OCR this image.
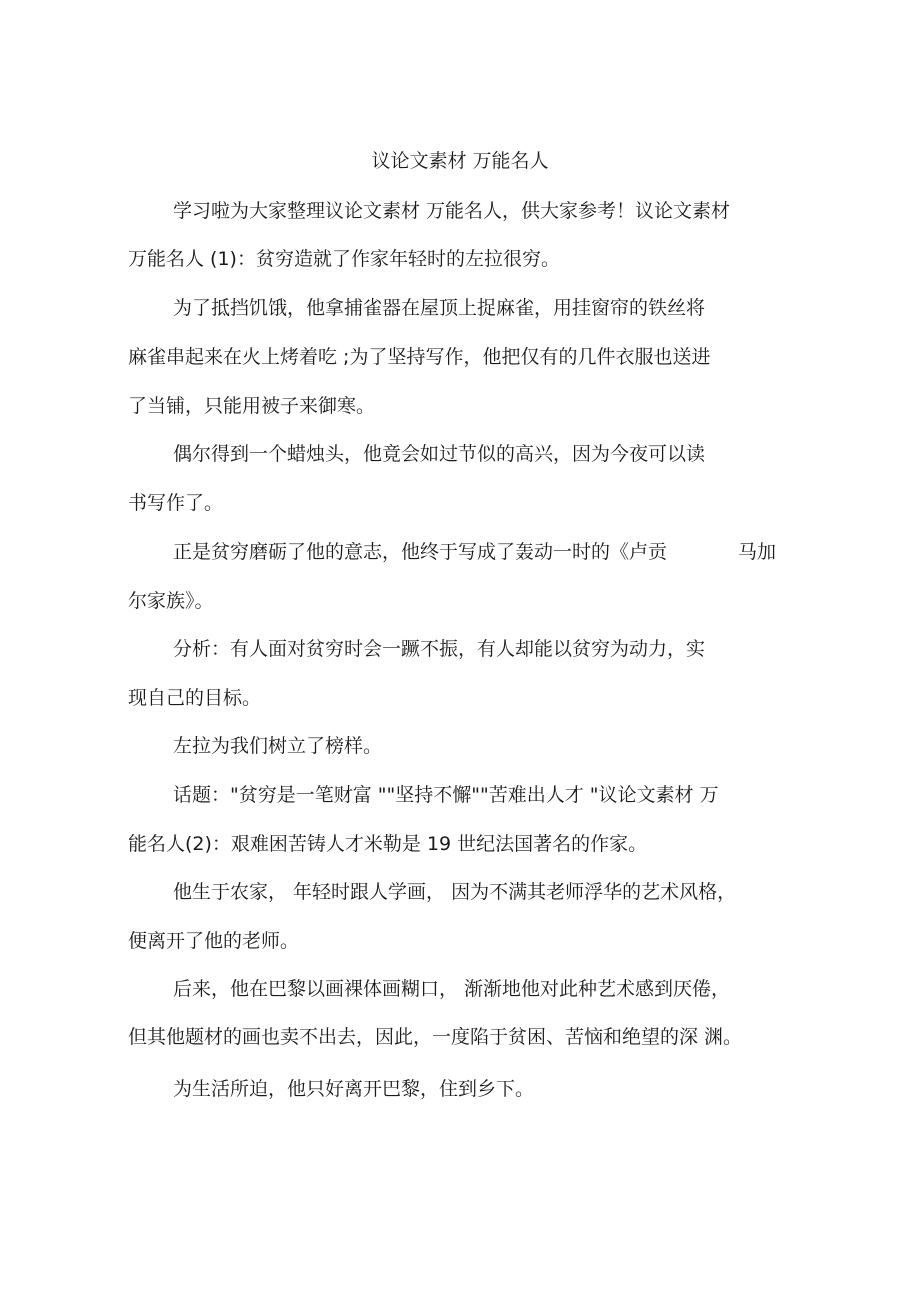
议论文素材 万能名人
学习啦为大家整理议论文素材 万能名人，供大家参考！议论文素材
万能名人 (1)：贫穷造就了作家年轻时的左拉很穷。
为了抵挡饥饿，他拿捕雀器在屋顶上捉麻雀，用挂窗帘的铁丝将
麻雀串起来在火上烤着吃 ;为了坚持写作，他把仅有的几件衣服也送进
了当铺，只能用被子来御寒。
偶尔得到一个蜡烛头，他竟会如过节似的高兴，因为今夜可以读
书写作了。
正是贫穷磨砺了他的意志，他终于写成了轰动一时的《卢贡	马加
尔家族》。
分析：有人面对贫穷时会一蹶不振，有人却能以贫穷为动力，实
现自己的目标。
左拉为我们树立了榜样。
话题："贫穷是一笔财富 ""坚持不懈""苦难出人才 "议论文素材 万
能名人(2)：艰难困苦铸人才米勒是 19 世纪法国著名的作家。
他生于农家， 年轻时跟人学画， 因为不满其老师浮华的艺术风格，
便离开了他的老师。
后来，他在巴黎以画裸体画糊口， 渐渐地他对此种艺术感到厌倦，
但其他题材的画也卖不出去，因此，一度陷于贫困、苦恼和绝望的深 渊。
为生活所迫，他只好离开巴黎，住到乡下。
